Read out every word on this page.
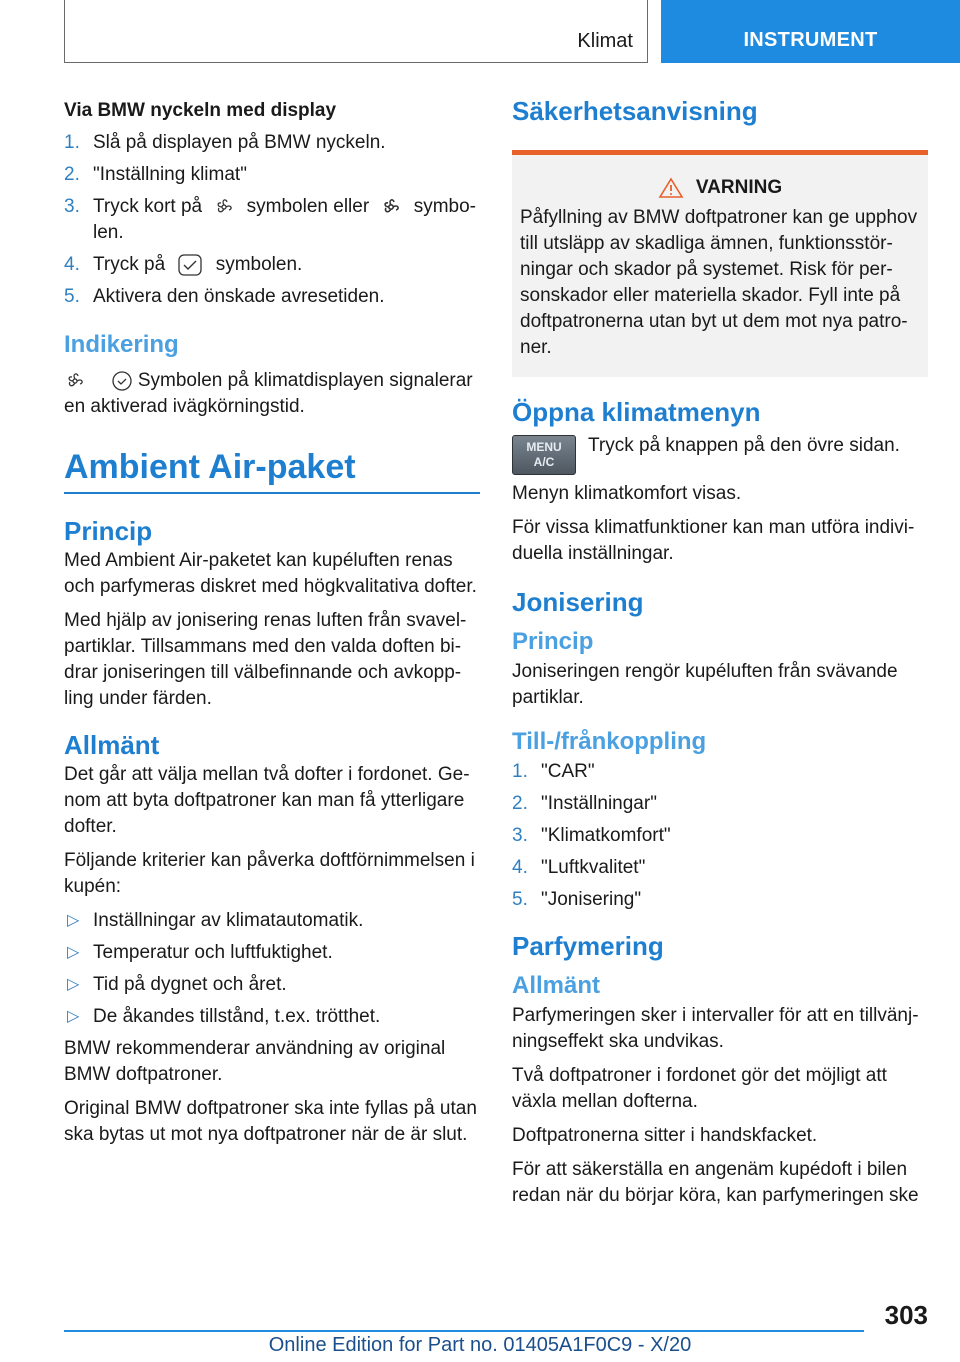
Klimat	INSTRUMENT
Via BMW nyckeln med display
1. Slå på displayen på BMW nyckeln.
2. "Inställning klimat"
3. Tryck kort på symbolen eller symbo-len.
4. Tryck på	symbolen.
5. Aktivera den önskade avresetiden.
Indikering

Symbolen på klimatdisplayen signalerar en aktiverad ivägkörningstid.

Ambient Air-paket
Princip

Med Ambient Air-paketet kan kupéluften renas och parfymeras diskret med högkvalitativa dofter.

Med hjälp av jonisering renas luften från svavel-partiklar. Tillsammans med den valda doften bi-drar joniseringen till välbefinnande och avkopp-ling under färden.

Allmänt

Det går att välja mellan två dofter i fordonet. Ge-nom att byta doftpatroner kan man få ytterligare dofter.

Följande kriterier kan påverka doftförnimmelsen i kupén:

▷ Inställningar av klimatautomatik.
▷ Temperatur och luftfuktighet.
▷ Tid på dygnet och året.
▷ De åkandes tillstånd, t.ex. trötthet.

BMW rekommenderar användning av original BMW doftpatroner.

Original BMW doftpatroner ska inte fyllas på utan ska bytas ut mot nya doftpatroner när de är slut.

Säkerhetsanvisning
VARNING
Påfyllning av BMW doftpatroner kan ge upphov till utsläpp av skadliga ämnen, funktionsstör-ningar och skador på systemet. Risk för per-sonskador eller materiella skador. Fyll inte på doftpatronerna utan byt ut dem mot nya patro-ner.
Öppna klimatmenyn
MENU
A/C

Tryck på knappen på den övre sidan.

Menyn klimatkomfort visas.

För vissa klimatfunktioner kan man utföra indivi-duella inställningar.

Jonisering
Princip

Joniseringen rengör kupéluften från svävande partiklar.

Till-/frånkoppling
1. "CAR"
2. "Inställningar"
3. "Klimatkomfort"
4. "Luftkvalitet"
5. "Jonisering"
Parfymering
Allmänt

Parfymeringen sker i intervaller för att en tillvänj-ningseffekt ska undvikas.

Två doftpatroner i fordonet gör det möjligt att växla mellan dofterna.

Doftpatronerna sitter i handskfacket.

För att säkerställa en angenäm kupédoft i bilen redan när du börjar köra, kan parfymeringen ske

303
Online Edition for Part no. 01405A1F0C9 - X/20
